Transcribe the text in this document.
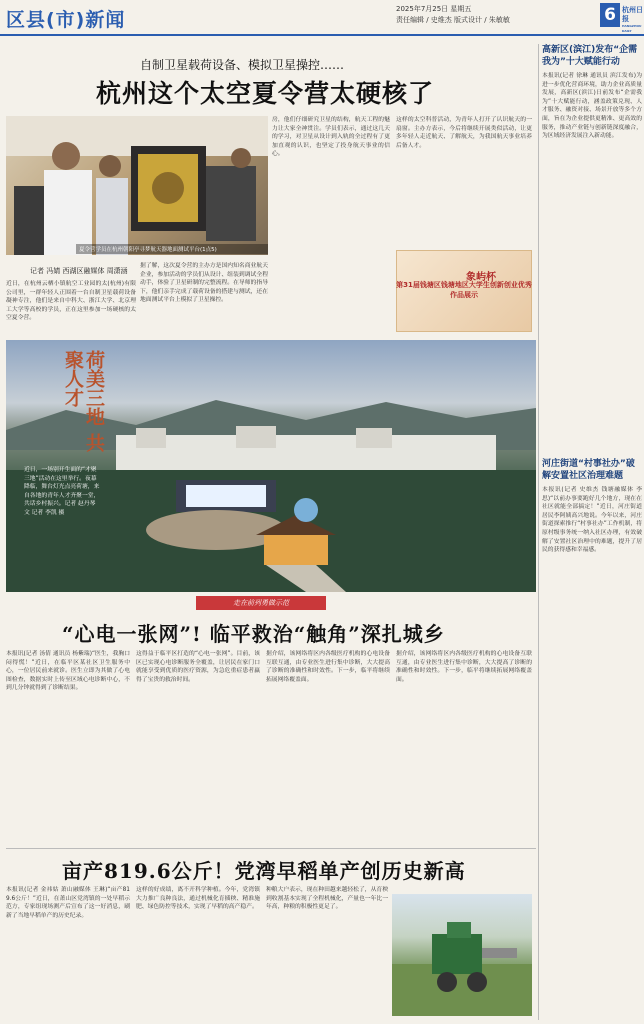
区县(市)新闻	2025年7月25日 星期五
责任编辑 / 史维杰 版式设计 / 朱敏敏	6 杭州日报
HANGZHOU DAILY
自制卫星载荷设备、模拟卫星操控……
杭州这个太空夏令营太硬核了
夏令营学员在杭州朝阳亭寻梦航天器地面测试平台(1点5)
记者 冯婧 西湖区融媒体 周潇涵
近日，在杭州云栖小镇航空工业园的太(杭州)有限公司里，一群年轻人正围着一台自制卫星载荷设备凝神专注，他们是来自中科大、浙江大学、北京理工大学等高校的学员，正在这里参加一场硬核的太空夏令营。
据了解，这次夏令营的主办方是国内知名商业航天企业，参加活动的学员们从设计、组装到调试全程动手，体验了卫星研制的完整流程。在导师的指导下，他们亲手完成了载荷设备的搭建与测试，还在地面测试平台上模拟了卫星操控。
房，他们仔细研究卫星的结构，航天工程的魅力让大家全神贯注。学员们表示，通过这几天的学习，对卫星从设计到入轨的全过程有了更加直观的认识，也坚定了投身航天事业的信心。
这样的太空科普活动，为青年人打开了认识航天的一扇窗。主办方表示，今后将继续开展类似活动，让更多年轻人走近航天、了解航天，为我国航天事业培养后备人才。
象屿杯
第31届钱塘区钱塘地区大学生创新创业优秀作品展示
荷美三地 共聚人才
近日，一场别开生面的“才聚三地”活动在这里举行。夜幕降临，舞台灯光点亮荷塘，来自各地的青年人才齐聚一堂，共话乡村振兴。记者 赵丹琴 文 记者 李凯 摄
走在前列勇做示范
“心电一张网”! 临平救治“触角”深扎城乡
本报讯(记者 汤倩 通讯员 杨紫瑞)“医生，我胸口闷得慌！”近日，在临平区某社区卫生服务中心，一位居民前来就诊。医生立即为其做了心电图检查，数据实时上传至区域心电诊断中心，不到几分钟就得到了诊断结果。
这得益于临平区打造的“心电一张网”。目前，该区已实现心电诊断服务全覆盖，让居民在家门口就能享受到优质的医疗资源，为急危重症患者赢得了宝贵的救治时间。
据介绍，该网络将区内各级医疗机构的心电设备互联互通，由专业医生进行集中诊断，大大提高了诊断的准确性和时效性。下一步，临平将继续拓展网络覆盖面。
据介绍，该网络将区内各级医疗机构的心电设备互联互通，由专业医生进行集中诊断，大大提高了诊断的准确性和时效性。下一步，临平将继续拓展网络覆盖面。
亩产819.6公斤！党湾早稻单产创历史新高
本报讯(记者 金祎姑 萧山融媒体 王琳)“亩产819.6公斤！”近日，在萧山区党湾镇的一处早稻示范方，专家组现场测产后宣布了这一好消息，刷新了当地早稻单产的历史纪录。
这样的好成绩，离不开科学种植。今年，党湾镇大力推广良种良法，通过机械化育插秧、精准施肥、绿色防控等技术，实现了早稻的高产稳产。
种粮大户表示，现在种田越来越轻松了，从育秧到收割基本实现了全程机械化，产量也一年比一年高，种粮的积极性更足了。
高新区(滨江)发布“企需我为”十大赋能行动
本报讯(记者 徐琳 通讯员 滨江发布)为进一步优化营商环境，助力企业高质量发展，高新区(滨江)日前发布“企需我为”十大赋能行动，涵盖政策兑现、人才服务、融资对接、场景开放等多个方面，旨在为企业提供更精准、更高效的服务，推动产业链与创新链深度融合，为区域经济发展注入新动能。
河庄街道“村事社办”破解安置社区治理难题
本报讯(记者 史维杰 钱塘融媒体 李思)“以前办事要跑好几个地方，现在在社区就能全部搞定！”近日，河庄街道居民李阿姨高兴地说。今年以来，河庄街道探索推行“村事社办”工作机制，将原村级事务统一纳入社区办理，有效破解了安置社区治理中的难题，提升了居民的获得感和幸福感。
